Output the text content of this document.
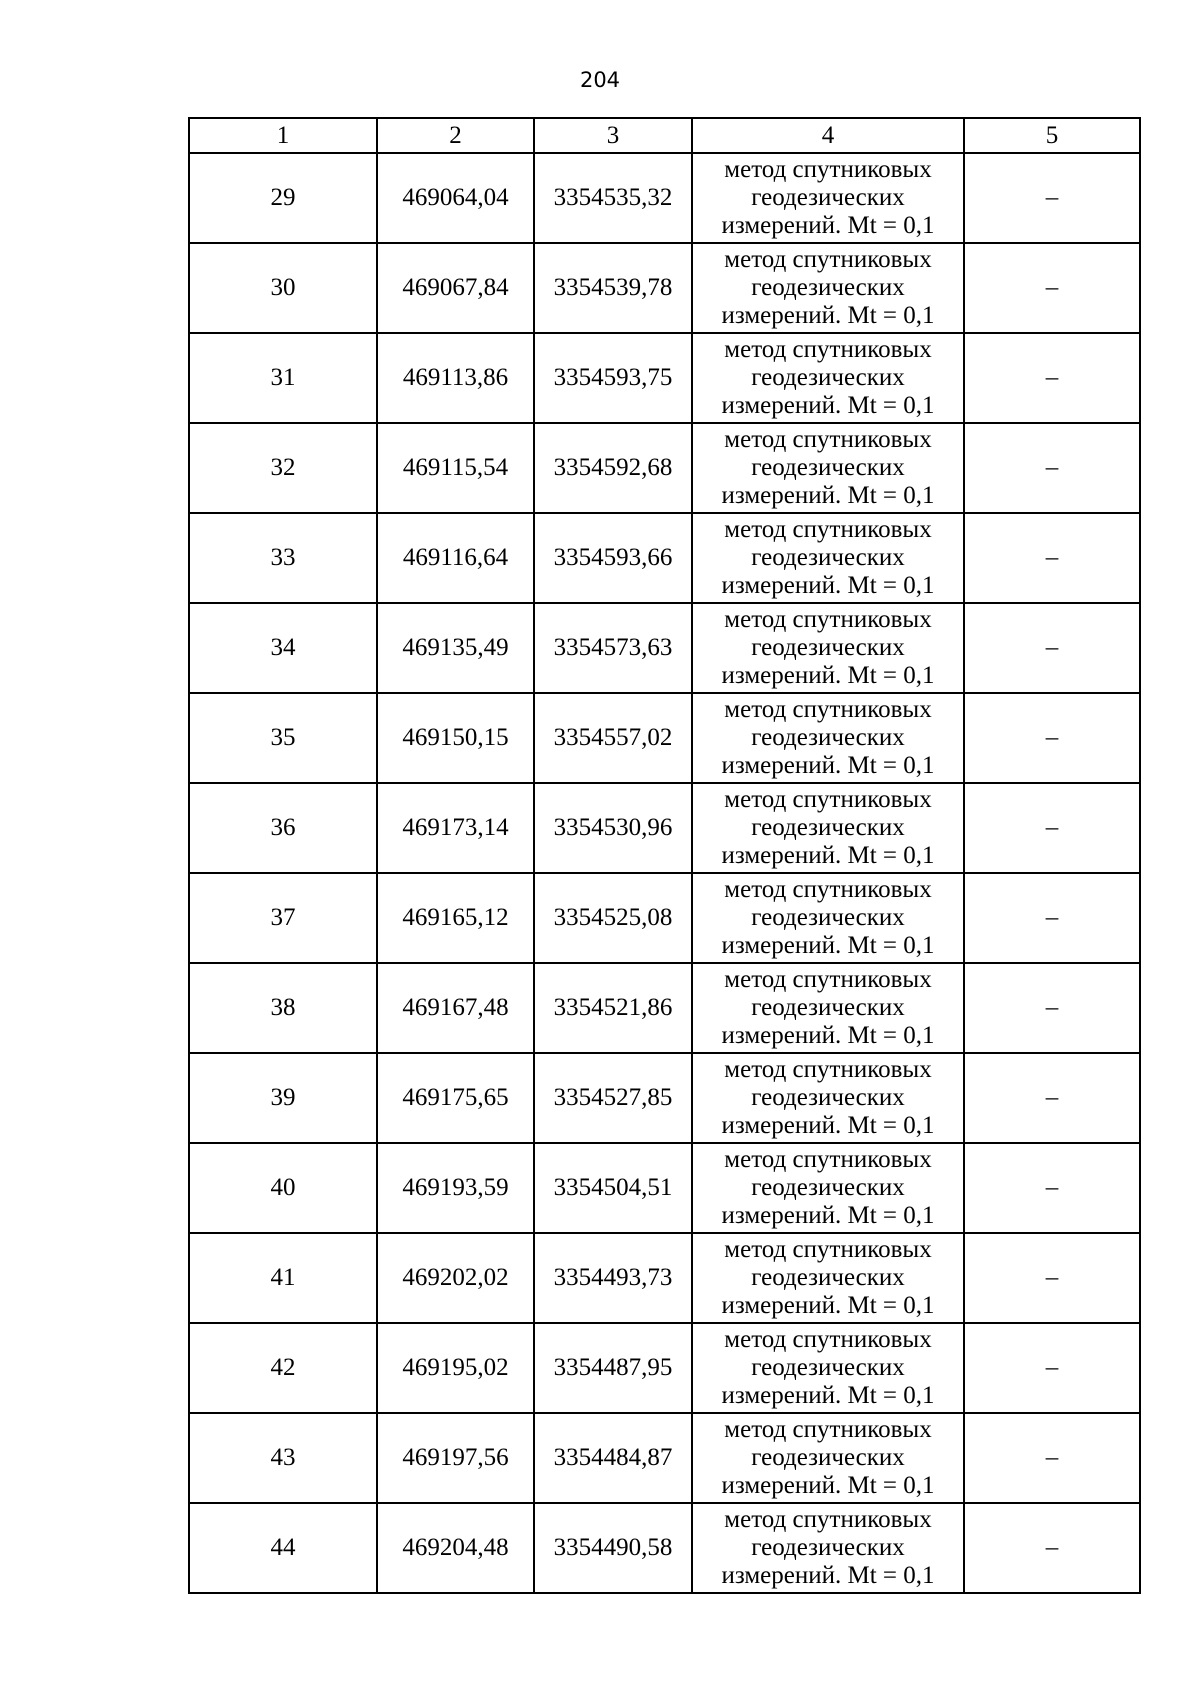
204
1	2	3	4	5
29	469064,04	3354535,32	метод спутниковых
геодезических
измерений. Mt = 0,1	–
30	469067,84	3354539,78	метод спутниковых
геодезических
измерений. Mt = 0,1	–
31	469113,86	3354593,75	метод спутниковых
геодезических
измерений. Mt = 0,1	–
32	469115,54	3354592,68	метод спутниковых
геодезических
измерений. Mt = 0,1	–
33	469116,64	3354593,66	метод спутниковых
геодезических
измерений. Mt = 0,1	–
34	469135,49	3354573,63	метод спутниковых
геодезических
измерений. Mt = 0,1	–
35	469150,15	3354557,02	метод спутниковых
геодезических
измерений. Mt = 0,1	–
36	469173,14	3354530,96	метод спутниковых
геодезических
измерений. Mt = 0,1	–
37	469165,12	3354525,08	метод спутниковых
геодезических
измерений. Mt = 0,1	–
38	469167,48	3354521,86	метод спутниковых
геодезических
измерений. Mt = 0,1	–
39	469175,65	3354527,85	метод спутниковых
геодезических
измерений. Mt = 0,1	–
40	469193,59	3354504,51	метод спутниковых
геодезических
измерений. Mt = 0,1	–
41	469202,02	3354493,73	метод спутниковых
геодезических
измерений. Mt = 0,1	–
42	469195,02	3354487,95	метод спутниковых
геодезических
измерений. Mt = 0,1	–
43	469197,56	3354484,87	метод спутниковых
геодезических
измерений. Mt = 0,1	–
44	469204,48	3354490,58	метод спутниковых
геодезических
измерений. Mt = 0,1	–
